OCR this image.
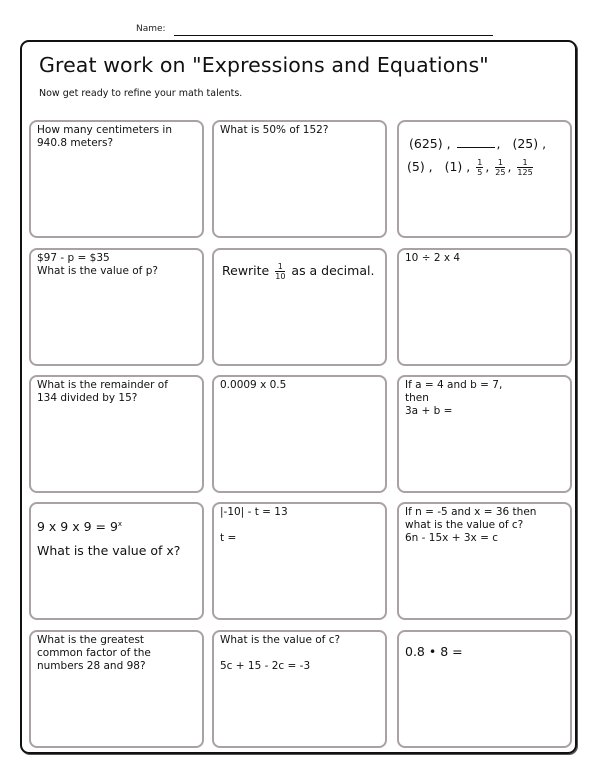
Name:
Great work on "Expressions and Equations"
Now get ready to refine your math talents.
How many centimeters in
940.8 meters?
What is 50% of 152?
(625) ,	, (25) ,
(5) , (1) , $\frac{1}{5}$ , $\frac{1}{25}$ , $\frac{1}{125}$
$97 - p = $35
What is the value of p?	Rewrite $\frac{1}{10}$ as a decimal.
10 ÷ 2 x 4
What is the remainder of
134 divided by 15?
0.0009 x 0.5	If a = 4 and b = 7,
then
3a + b =
9 x 9 x $9 = 9^x$
What is the value of x?
|-10| - t = 13

t =
If n = -5 and x = 36 then
what is the value of c?
6n - 15x + 3x = c
What is the greatest
common factor of the
numbers 28 and 98?
What is the value of c?

5c + 15 - 2c = -3
0.8 • 8 =
